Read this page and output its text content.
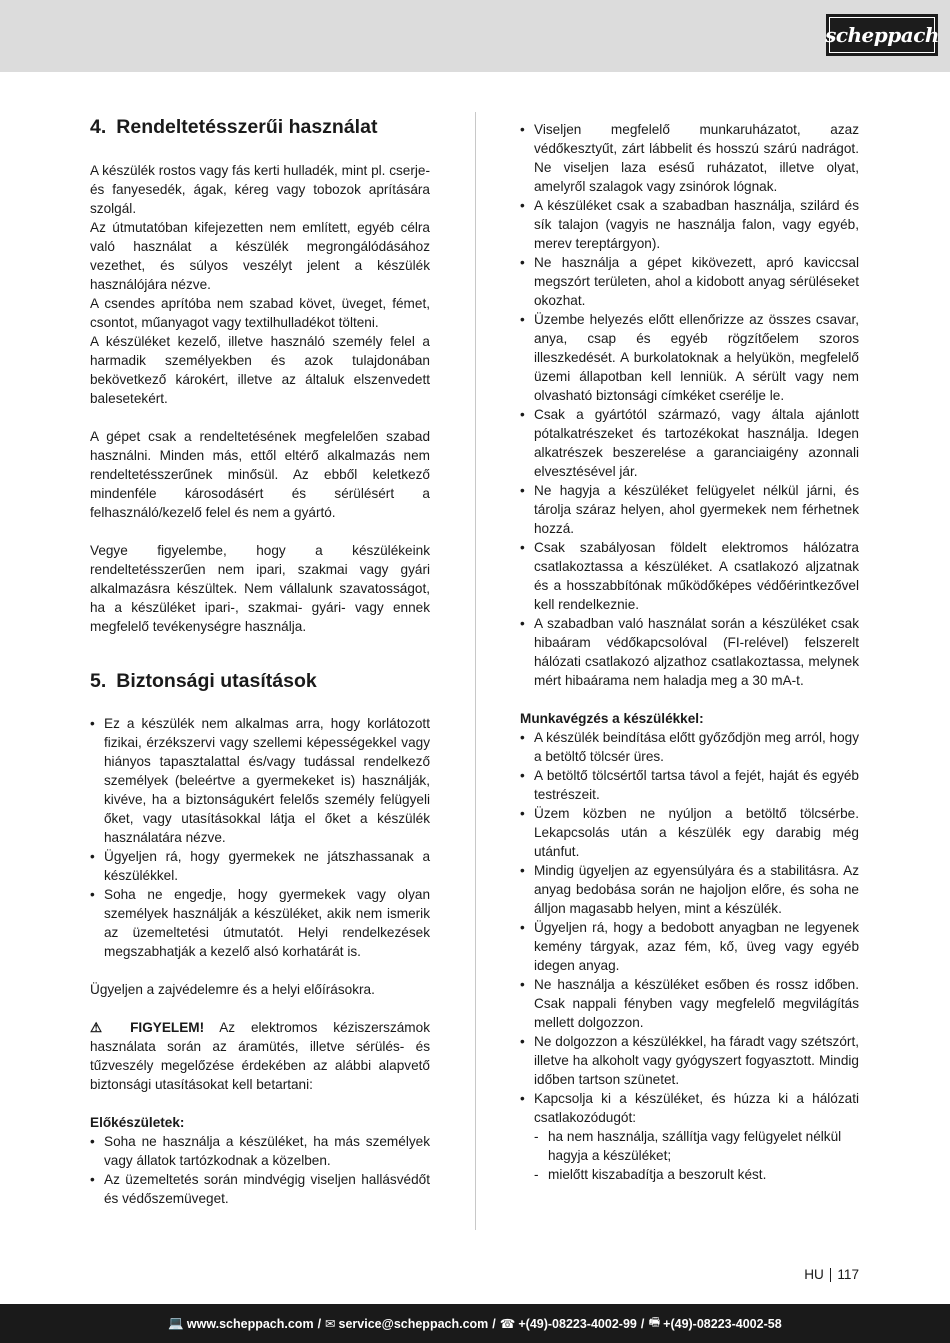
scheppach
4. Rendeltetésszerűi használat

A készülék rostos vagy fás kerti hulladék, mint pl. cserje- és fanyesedék, ágak, kéreg vagy tobozok aprítására szolgál.

Az útmutatóban kifejezetten nem említett, egyéb célra való használat a készülék megrongálódásához vezethet, és súlyos veszélyt jelent a készülék használójára nézve.

A csendes aprítóba nem szabad követ, üveget, fémet, csontot, műanyagot vagy textilhulladékot tölteni.

A készüléket kezelő, illetve használó személy felel a harmadik személyekben és azok tulajdonában bekövetkező károkért, illetve az általuk elszenvedett balesetekért.

A gépet csak a rendeltetésének megfelelően szabad használni. Minden más, ettől eltérő alkalmazás nem rendeltetésszerűnek minősül. Az ebből keletkező mindenféle károsodásért és sérülésért a felhasználó/kezelő felel és nem a gyártó.

Vegye figyelembe, hogy a készülékeink rendeltetésszerűen nem ipari, szakmai vagy gyári alkalmazásra készültek. Nem vállalunk szavatosságot, ha a készüléket ipari-, szakmai- gyári- vagy ennek megfelelő tevékenységre használja.

5. Biztonsági utasítások
• Ez a készülék nem alkalmas arra, hogy korlátozott fizikai, érzékszervi vagy szellemi képességekkel vagy hiányos tapasztalattal és/vagy tudással rendelkező személyek (beleértve a gyermekeket is) használják, kivéve, ha a biztonságukért felelős személy felügyeli őket, vagy utasításokkal látja el őket a készülék használatára nézve.
• Ügyeljen rá, hogy gyermekek ne játszhassanak a készülékkel.
• Soha ne engedje, hogy gyermekek vagy olyan személyek használják a készüléket, akik nem ismerik az üzemeltetési útmutatót. Helyi rendelkezések megszabhatják a kezelő alsó korhatárát is.

Ügyeljen a zajvédelemre és a helyi előírásokra.

⚠ FIGYELEM! Az elektromos kéziszerszámok használata során az áramütés, illetve sérülés- és tűzveszély megelőzése érdekében az alábbi alapvető biztonsági utasításokat kell betartani:

Előkészületek:
• Soha ne használja a készüléket, ha más személyek vagy állatok tartózkodnak a közelben.
• Az üzemeltetés során mindvégig viseljen hallásvédőt és védőszemüveget.
• Viseljen megfelelő munkaruházatot, azaz védőkesztyűt, zárt lábbelit és hosszú szárú nadrágot. Ne viseljen laza esésű ruházatot, illetve olyat, amelyről szalagok vagy zsinórok lógnak.
• A készüléket csak a szabadban használja, szilárd és sík talajon (vagyis ne használja falon, vagy egyéb, merev tereptárgyon).
• Ne használja a gépet kikövezett, apró kaviccsal megszórt területen, ahol a kidobott anyag sérüléseket okozhat.
• Üzembe helyezés előtt ellenőrizze az összes csavar, anya, csap és egyéb rögzítőelem szoros illeszkedését. A burkolatoknak a helyükön, megfelelő üzemi állapotban kell lenniük. A sérült vagy nem olvasható biztonsági címkéket cserélje le.
• Csak a gyártótól származó, vagy általa ajánlott pótalkatrészeket és tartozékokat használja. Idegen alkatrészek beszerelése a garanciaigény azonnali elvesztésével jár.
• Ne hagyja a készüléket felügyelet nélkül járni, és tárolja száraz helyen, ahol gyermekek nem férhetnek hozzá.
• Csak szabályosan földelt elektromos hálózatra csatlakoztassa a készüléket. A csatlakozó aljzatnak és a hosszabbítónak működőképes védőérintkezővel kell rendelkeznie.
• A szabadban való használat során a készüléket csak hibaáram védőkapcsolóval (FI-relével) felszerelt hálózati csatlakozó aljzathoz csatlakoztassa, melynek mért hibaárama nem haladja meg a 30 mA-t.
Munkavégzés a készülékkel:
• A készülék beindítása előtt győződjön meg arról, hogy a betöltő tölcsér üres.
• A betöltő tölcsértől tartsa távol a fejét, haját és egyéb testrészeit.
• Üzem közben ne nyúljon a betöltő tölcsérbe. Lekapcsolás után a készülék egy darabig még utánfut.
• Mindig ügyeljen az egyensúlyára és a stabilitásra. Az anyag bedobása során ne hajoljon előre, és soha ne álljon magasabb helyen, mint a készülék.
• Ügyeljen rá, hogy a bedobott anyagban ne legyenek kemény tárgyak, azaz fém, kő, üveg vagy egyéb idegen anyag.
• Ne használja a készüléket esőben és rossz időben. Csak nappali fényben vagy megfelelő megvilágítás mellett dolgozzon.
• Ne dolgozzon a készülékkel, ha fáradt vagy szétszórt, illetve ha alkoholt vagy gyógyszert fogyasztott. Mindig időben tartson szünetet.
• Kapcsolja ki a készüléket, és húzza ki a hálózati csatlakozódugót:
- ha nem használja, szállítja vagy felügyelet nélkül hagyja a készüléket;
- mielőtt kiszabadítja a beszorult kést.
HU 117
💻 www.scheppach.com / ✉ service@scheppach.com / ☎ +(49)-08223-4002-99 / 🖷 +(49)-08223-4002-58
